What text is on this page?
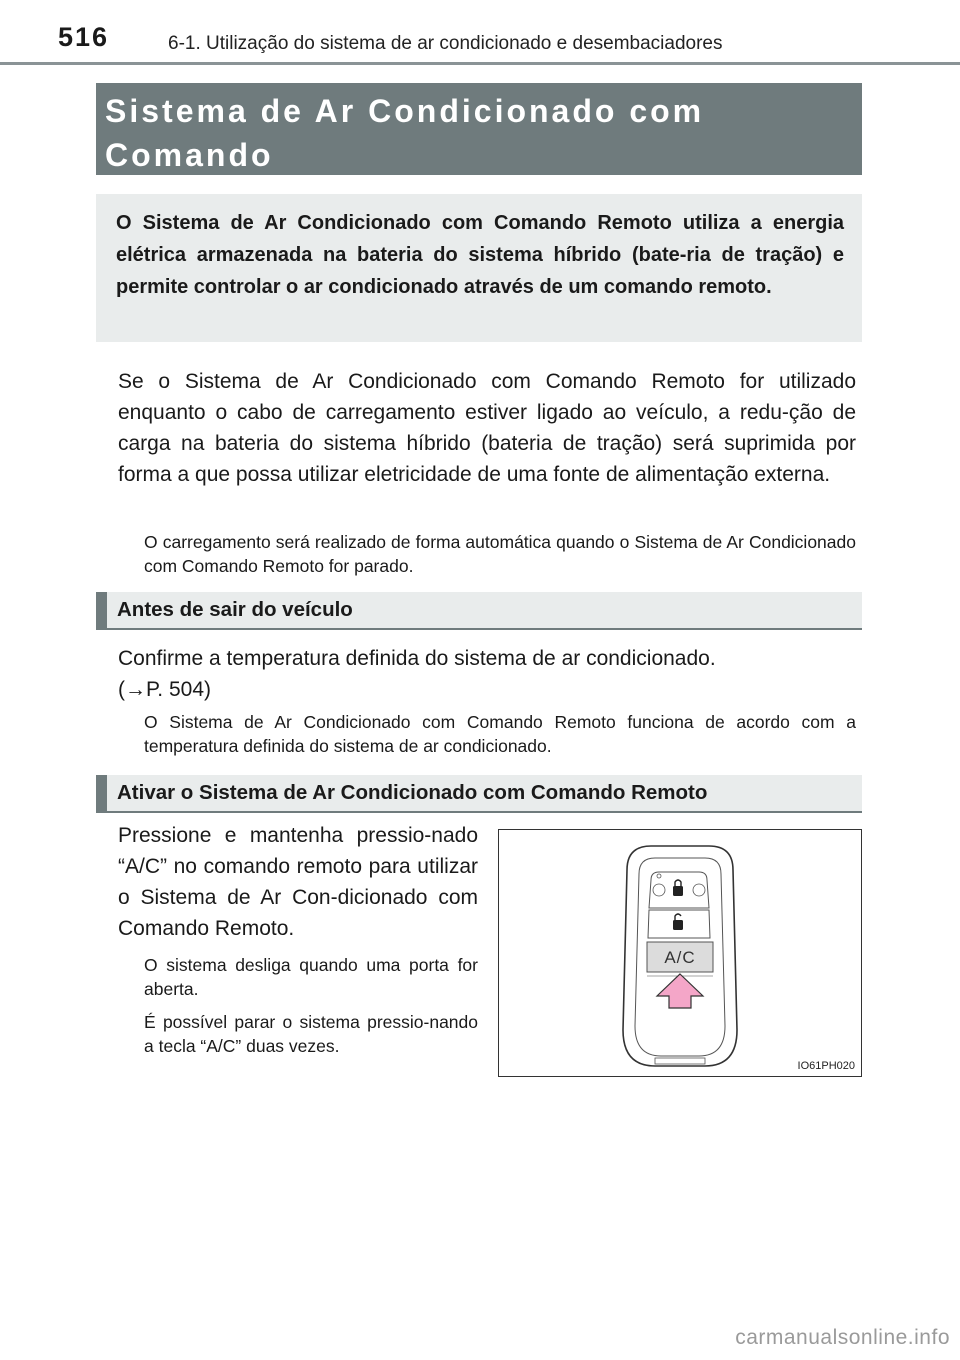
516	6-1. Utilização do sistema de ar condicionado e desembaciadores
Sistema de Ar Condicionado com Comando

O Sistema de Ar Condicionado com Comando Remoto utiliza a energia elétrica armazenada na bateria do sistema híbrido (bate-ria de tração) e permite controlar o ar condicionado através de um comando remoto.

Se o Sistema de Ar Condicionado com Comando Remoto for utilizado enquanto o cabo de carregamento estiver ligado ao veículo, a redu-ção de carga na bateria do sistema híbrido (bateria de tração) será suprimida por forma a que possa utilizar eletricidade de uma fonte de alimentação externa.

O carregamento será realizado de forma automática quando o Sistema de Ar Condicionado com Comando Remoto for parado.

Antes de sair do veículo

Confirme a temperatura definida do sistema de ar condicionado.
(→P. 504)

O Sistema de Ar Condicionado com Comando Remoto funciona de acordo com a temperatura definida do sistema de ar condicionado.

Ativar o Sistema de Ar Condicionado com Comando Remoto

Pressione e mantenha pressio-nado “A/C” no comando remoto para utilizar o Sistema de Ar Con-dicionado com Comando Remoto.

O sistema desliga quando uma porta for aberta.

É possível parar o sistema pressio-nando a tecla “A/C” duas vezes.

A/C
IO61PH020
carmanualsonline.info
